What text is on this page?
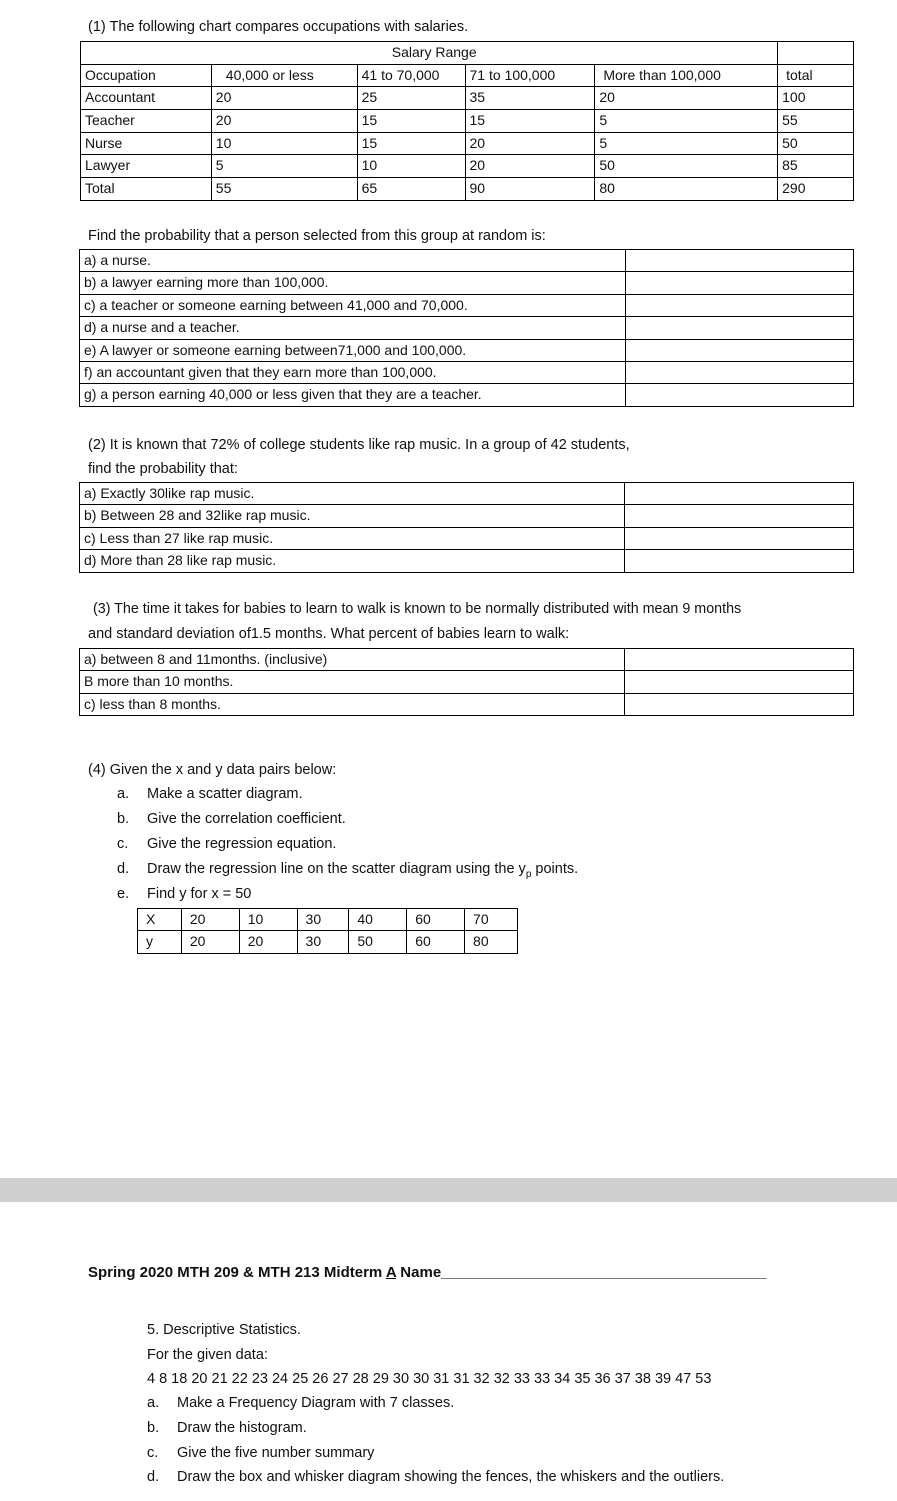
(1) The following chart compares occupations with salaries.
	Salary Range				
Occupation	40,000 or less	41 to 70,000	71 to 100,000	More than 100,000	total
Accountant	20	25	35	20	100
Teacher	20	15	15	5	55
Nurse	10	15	20	5	50
Lawyer	5	10	20	50	85
Total	55	65	90	80	290
Find the probability that a person selected from this group at random is:
a) a nurse.	
b) a lawyer earning more than 100,000.	
c) a teacher or someone earning between 41,000 and 70,000.	
d) a nurse and a teacher.	
e) A lawyer or someone earning between71,000 and 100,000.	
f) an accountant given that they earn more than 100,000.	
g) a person earning 40,000 or less given that they are a teacher.	
(2) It is known that 72% of college students like rap music. In a group of 42 students,
find the probability that:
a) Exactly 30like rap music.	
b) Between 28 and 32like rap music.	
c) Less than 27 like rap music.	
d) More than 28 like rap music.	
(3) The time it takes for babies to learn to walk is known to be normally distributed with mean 9 months
and standard deviation of1.5 months. What percent of babies learn to walk:
a) between 8 and 11months. (inclusive)	
B more than 10 months.	
c) less than 8 months.	
(4) Given the x and y data pairs below:
a. Make a scatter diagram.
b. Give the correlation coefficient.
c. Give the regression equation.
d. Draw the regression line on the scatter diagram using the $y_p$ points.
e. Find y for x = 50
X	20	10	30	40	60	70
y	20	20	30	50	60	80
Spring 2020 MTH 209 & MTH 213 Midterm A Name_______________________________________
5. Descriptive Statistics.
For the given data:
4 8 18 20 21 22 23 24 25 26 27 28 29 30 30 31 31 32 32 33 33 34 35 36 37 38 39 47 53
a. Make a Frequency Diagram with 7 classes.
b. Draw the histogram.
c. Give the five number summary
d. Draw the box and whisker diagram showing the fences, the whiskers and the outliers.
